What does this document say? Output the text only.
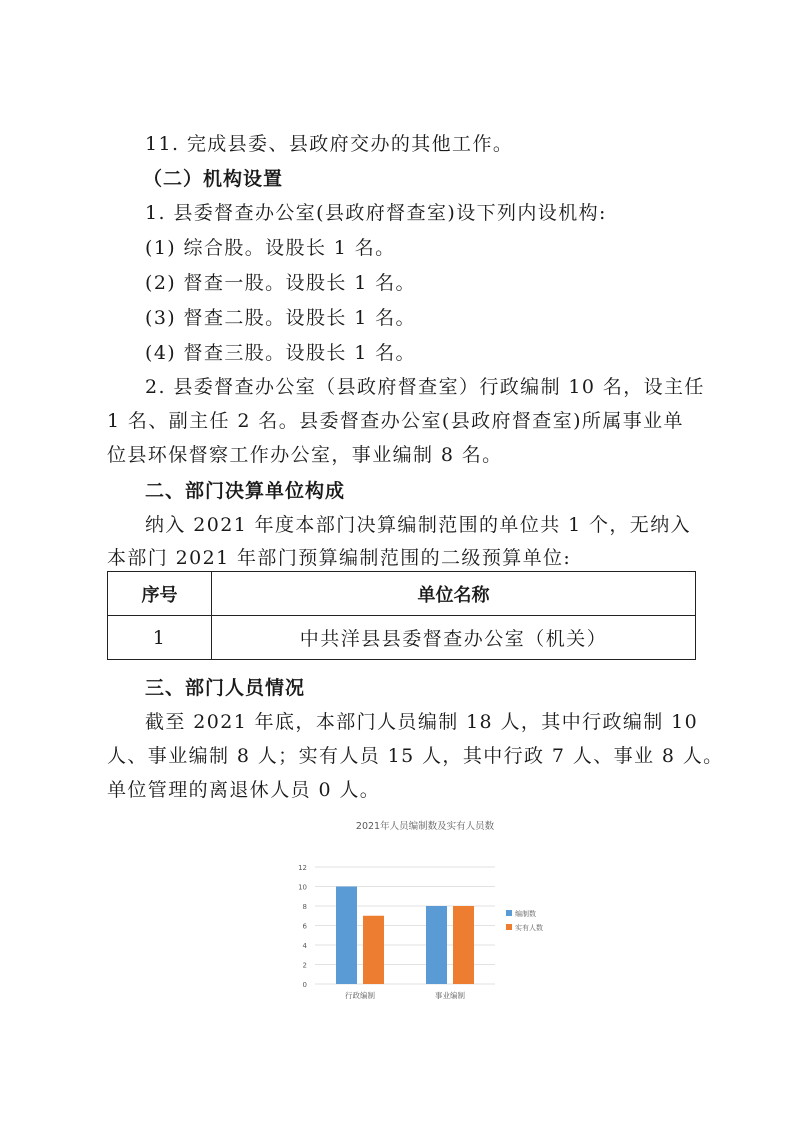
11. 完成县委、县政府交办的其他工作。
（二）机构设置
1. 县委督查办公室(县政府督查室)设下列内设机构:
(1) 综合股。设股长 1 名。
(2) 督查一股。设股长 1 名。
(3) 督查二股。设股长 1 名。
(4) 督查三股。设股长 1 名。
2. 县委督查办公室（县政府督查室）行政编制 10 名，设主任
1 名、副主任 2 名。县委督查办公室(县政府督查室)所属事业单
位县环保督察工作办公室，事业编制 8 名。
二、部门决算单位构成
纳入 2021 年度本部门决算编制范围的单位共 1 个，无纳入
本部门 2021 年部门预算编制范围的二级预算单位:
序号	单位名称
1	中共洋县县委督查办公室（机关）
三、部门人员情况
截至 2021 年底，本部门人员编制 18 人，其中行政编制 10
人、事业编制 8 人；实有人员 15 人，其中行政 7 人、事业 8 人。
单位管理的离退休人员 0 人。
2021年人员编制数及实有人员数
0
2
4
6
8
10
12
行政编制	事业编制
编制数
实有人数
